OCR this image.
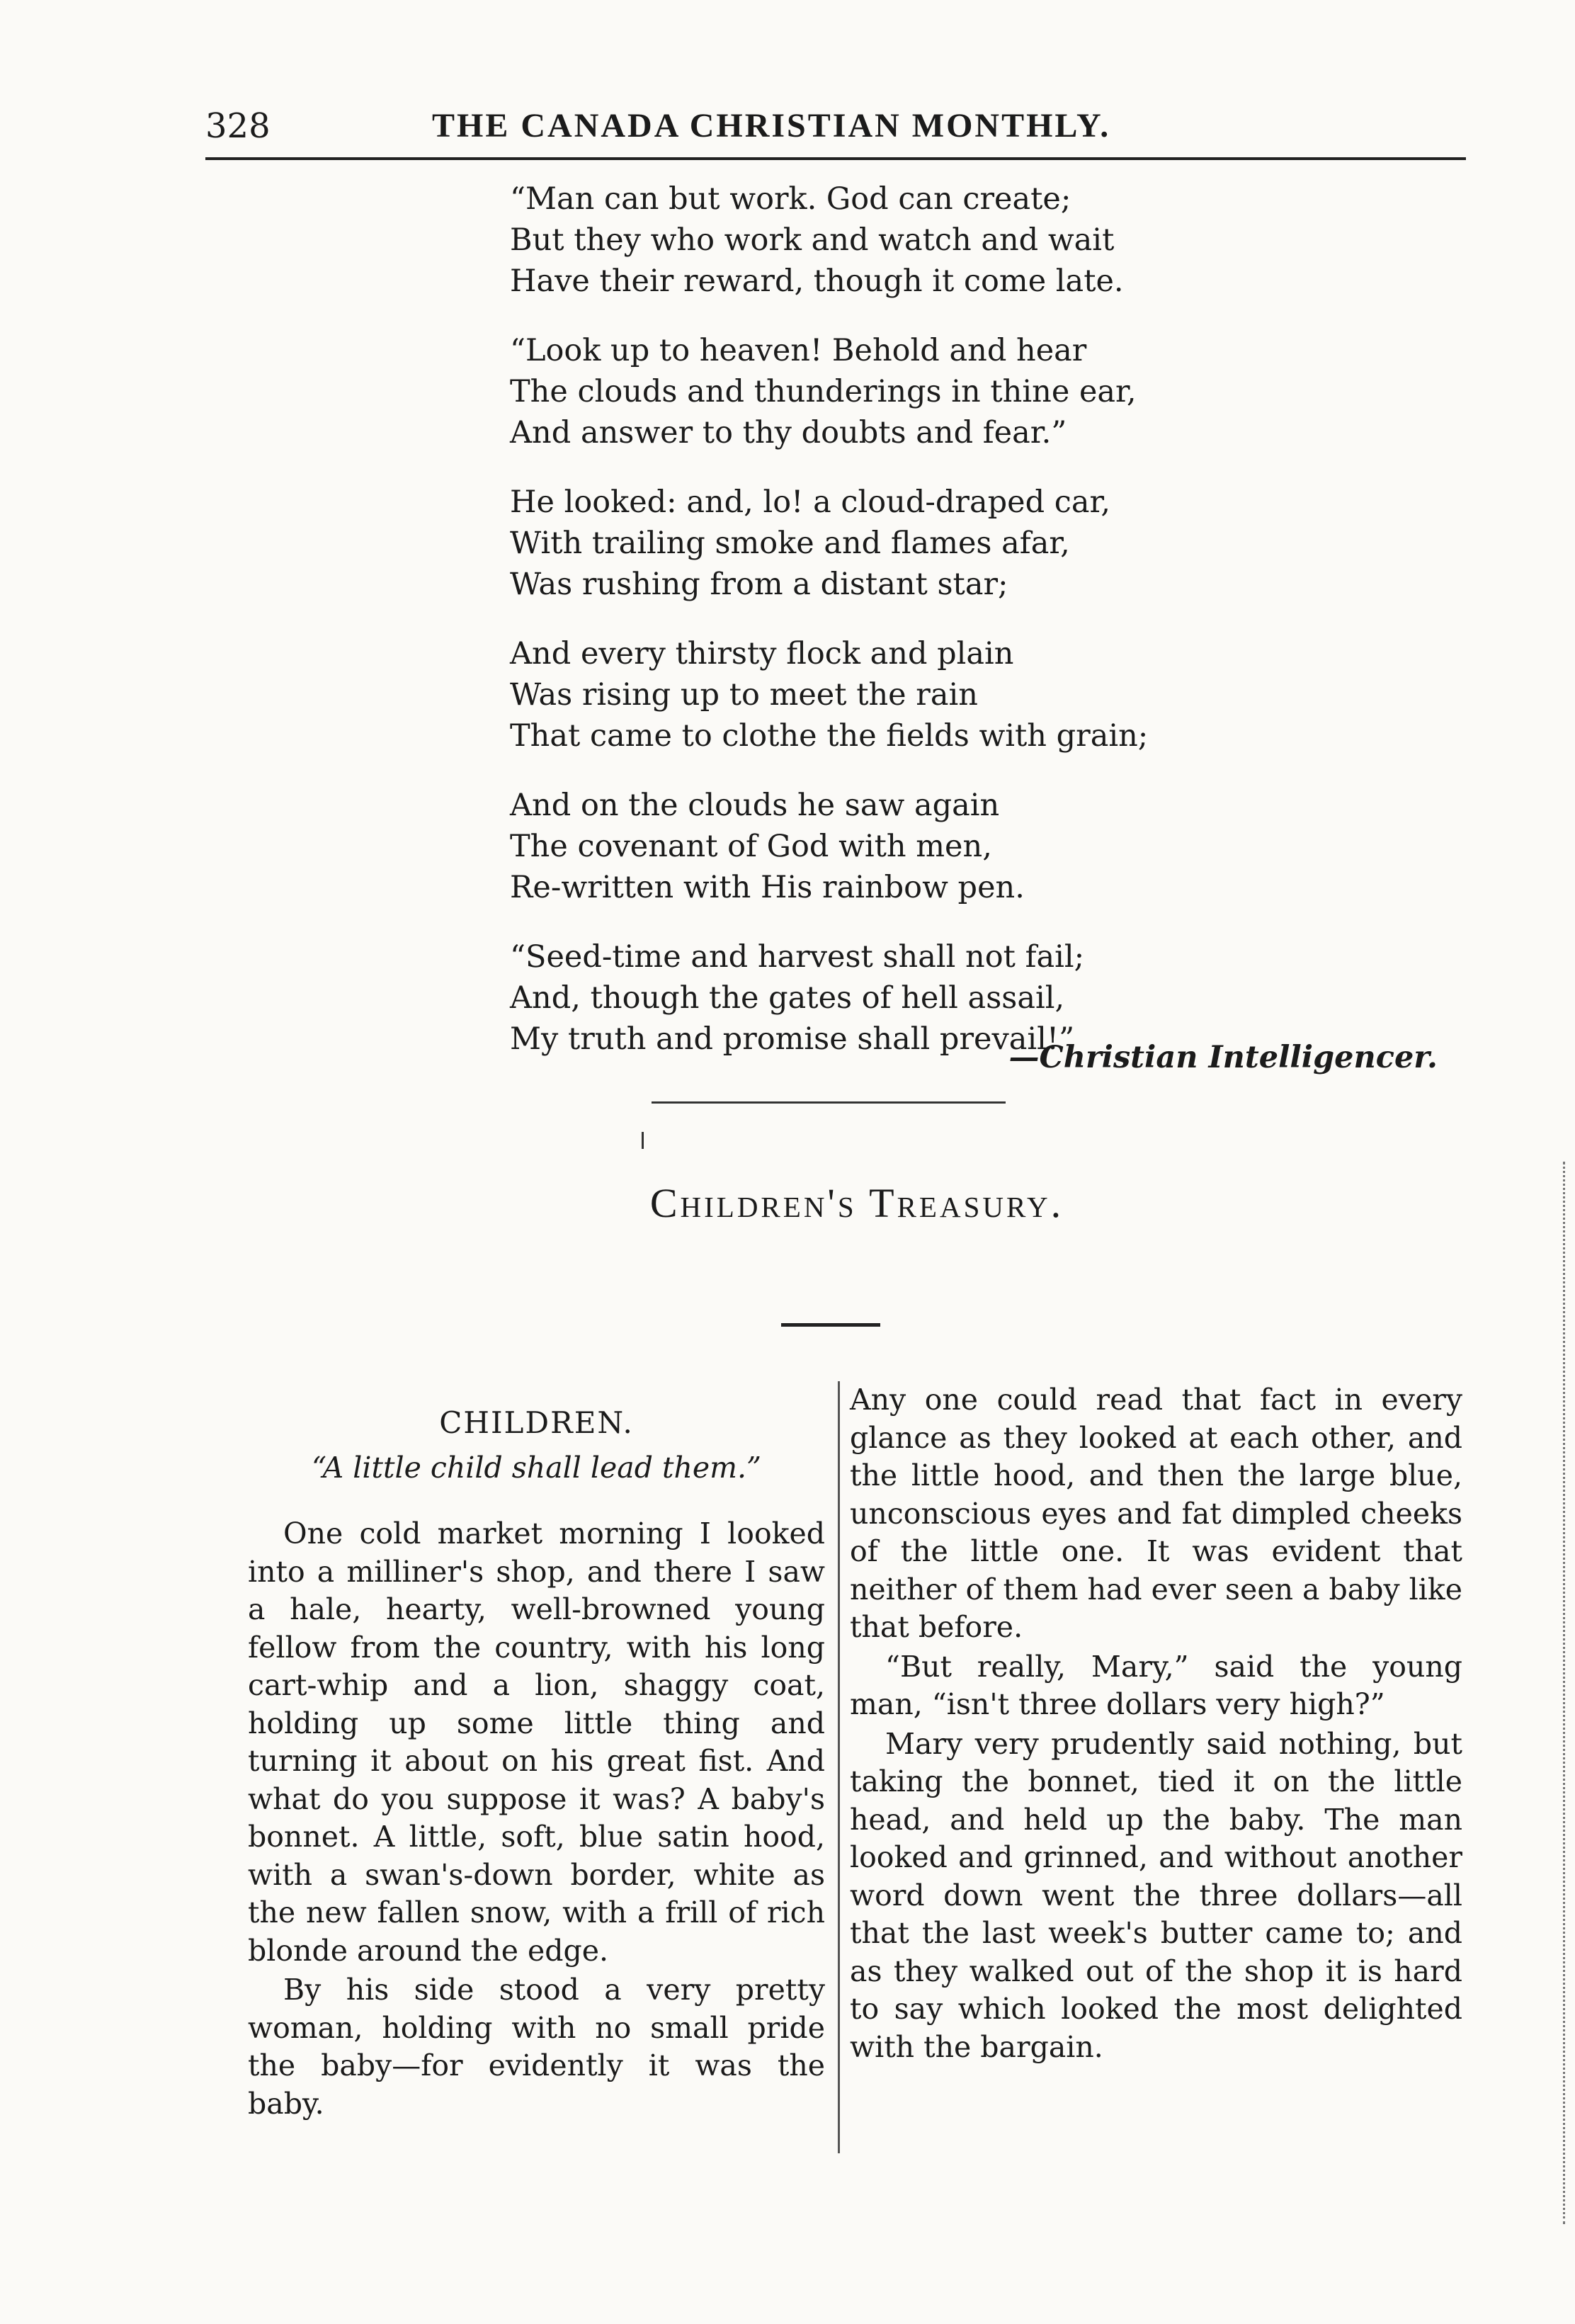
328	THE CANADA CHRISTIAN MONTHLY.
“Man can but work. God can create;
But they who work and watch and wait
Have their reward, though it come late.
“Look up to heaven! Behold and hear
The clouds and thunderings in thine ear,
And answer to thy doubts and fear.”
He looked: and, lo! a cloud-draped car,
With trailing smoke and flames afar,
Was rushing from a distant star;
And every thirsty flock and plain
Was rising up to meet the rain
That came to clothe the fields with grain;
And on the clouds he saw again
The covenant of God with men,
Re-written with His rainbow pen.
“Seed-time and harvest shall not fail;
And, though the gates of hell assail,
My truth and promise shall prevail!”
—Christian Intelligencer.
Children's Treasury.
CHILDREN.
“A little child shall lead them.”

One cold market morning I looked into a milliner's shop, and there I saw a hale, hearty, well-browned young fellow from the country, with his long cart-whip and a lion, shaggy coat, holding up some little thing and turning it about on his great fist. And what do you suppose it was? A baby's bonnet. A little, soft, blue satin hood, with a swan's-down border, white as the new fallen snow, with a frill of rich blonde around the edge.

By his side stood a very pretty woman, holding with no small pride the baby—for evidently it was the baby.

Any one could read that fact in every glance as they looked at each other, and the little hood, and then the large blue, unconscious eyes and fat dimpled cheeks of the little one. It was evident that neither of them had ever seen a baby like that before.

“But really, Mary,” said the young man, “isn't three dollars very high?”

Mary very prudently said nothing, but taking the bonnet, tied it on the little head, and held up the baby. The man looked and grinned, and without another word down went the three dollars—all that the last week's butter came to; and as they walked out of the shop it is hard to say which looked the most delighted with the bargain.
